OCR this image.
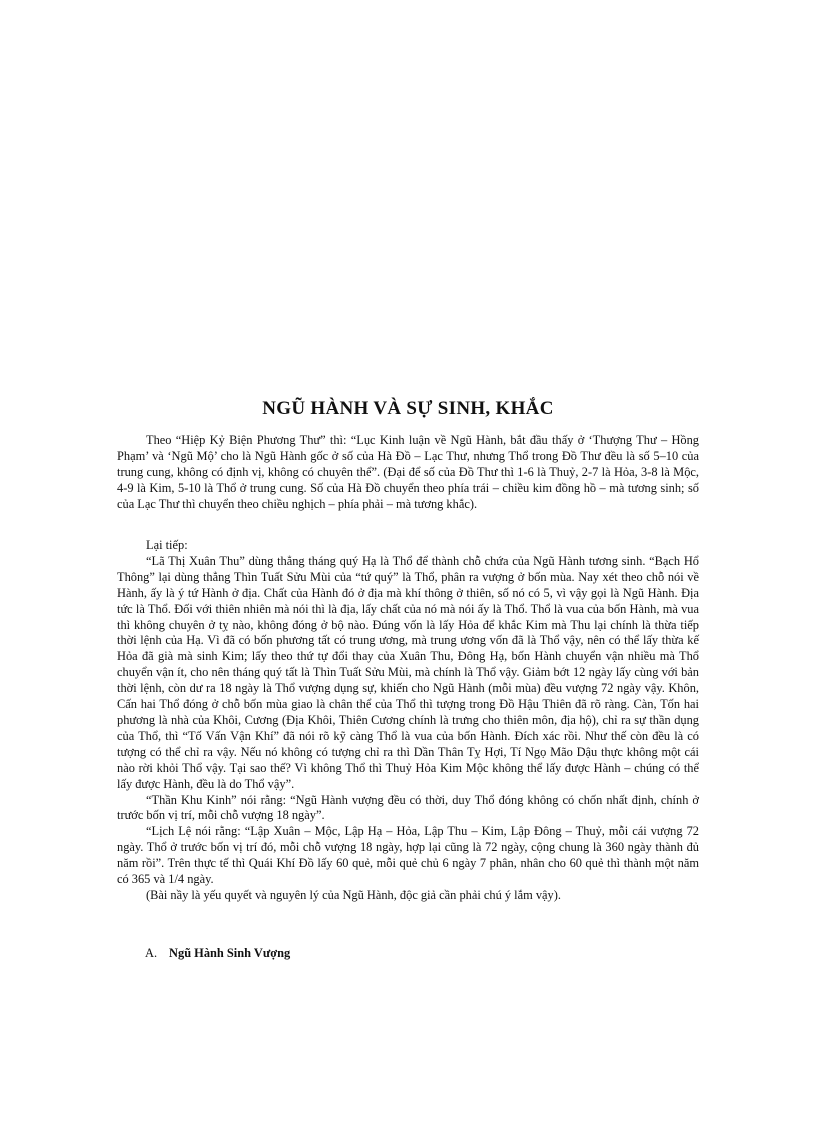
NGŨ HÀNH VÀ SỰ SINH, KHẮC

Theo “Hiệp Kỷ Biện Phương Thư” thì: “Lục Kinh luận về Ngũ Hành, bắt đầu thấy ở ‘Thượng Thư – Hồng Phạm’ và ‘Ngũ Mộ’ cho là Ngũ Hành gốc ở số của Hà Đồ – Lạc Thư, nhưng Thổ trong Đồ Thư đều là số 5–10 của trung cung, không có định vị, không có chuyên thể”. (Đại để số của Đồ Thư thì 1-6 là Thuỷ, 2-7 là Hỏa, 3-8 là Mộc, 4-9 là Kim, 5-10 là Thổ ở trung cung. Số của Hà Đồ chuyển theo phía trái – chiều kim đồng hồ – mà tương sinh; số của Lạc Thư thì chuyển theo chiều nghịch – phía phải – mà tương khắc).

Lại tiếp:

“Lã Thị Xuân Thu” dùng thẳng tháng quý Hạ là Thổ để thành chỗ chứa của Ngũ Hành tương sinh. “Bạch Hổ Thông” lại dùng thẳng Thìn Tuất Sửu Mùi của “tứ quý” là Thổ, phân ra vượng ở bốn mùa. Nay xét theo chỗ nói về Hành, ấy là ý tứ Hành ở địa. Chất của Hành đó ở địa mà khí thông ở thiên, số nó có 5, vì vậy gọi là Ngũ Hành. Địa tức là Thổ. Đối với thiên nhiên mà nói thì là địa, lấy chất của nó mà nói ấy là Thổ. Thổ là vua của bốn Hành, mà vua thì không chuyên ở tỵ nào, không đóng ở bộ nào. Đúng vốn là lấy Hỏa để khắc Kim mà Thu lại chính là thừa tiếp thời lệnh của Hạ. Vì đã có bốn phương tất có trung ương, mà trung ương vốn đã là Thổ vậy, nên có thể lấy thừa kế Hỏa đã già mà sinh Kim; lấy theo thứ tự đổi thay của Xuân Thu, Đông Hạ, bốn Hành chuyển vận nhiều mà Thổ chuyển vận ít, cho nên tháng quý tất là Thìn Tuất Sửu Mùi, mà chính là Thổ vậy. Giảm bớt 12 ngày lấy cùng với bản thời lệnh, còn dư ra 18 ngày là Thổ vượng dụng sự, khiến cho Ngũ Hành (mỗi mùa) đều vượng 72 ngày vậy. Khôn, Cấn hai Thổ đóng ở chỗ bốn mùa giao là chân thể của Thổ thì tượng trong Đồ Hậu Thiên đã rõ ràng. Càn, Tốn hai phương là nhà của Khôi, Cương (Địa Khôi, Thiên Cương chính là trưng cho thiên môn, địa hộ), chỉ ra sự thần dụng của Thổ, thì “Tố Vấn Vận Khí” đã nói rõ kỹ càng Thổ là vua của bốn Hành. Đích xác rồi. Như thế còn đều là có tượng có thể chỉ ra vậy. Nếu nó không có tượng chỉ ra thì Dần Thân Tỵ Hợi, Tí Ngọ Mão Dậu thực không một cái nào rời khỏi Thổ vậy. Tại sao thế? Vì không Thổ thì Thuỷ Hỏa Kim Mộc không thể lấy được Hành – chúng có thể lấy được Hành, đều là do Thổ vậy”.

“Thần Khu Kinh” nói rằng: “Ngũ Hành vượng đều có thời, duy Thổ đóng không có chốn nhất định, chính ở trước bốn vị trí, mỗi chỗ vượng 18 ngày”.

“Lịch Lệ nói rằng: “Lập Xuân – Mộc, Lập Hạ – Hỏa, Lập Thu – Kim, Lập Đông – Thuỷ, mỗi cái vượng 72 ngày. Thổ ở trước bốn vị trí đó, mỗi chỗ vượng 18 ngày, hợp lại cũng là 72 ngày, cộng chung là 360 ngày thành đủ năm rồi”. Trên thực tế thì Quái Khí Đồ lấy 60 quẻ, mỗi quẻ chủ 6 ngày 7 phân, nhân cho 60 quẻ thì thành một năm có 365 và 1/4 ngày.

(Bài nầy là yếu quyết và nguyên lý của Ngũ Hành, độc giả cần phải chú ý lắm vậy).

A. Ngũ Hành Sinh Vượng
